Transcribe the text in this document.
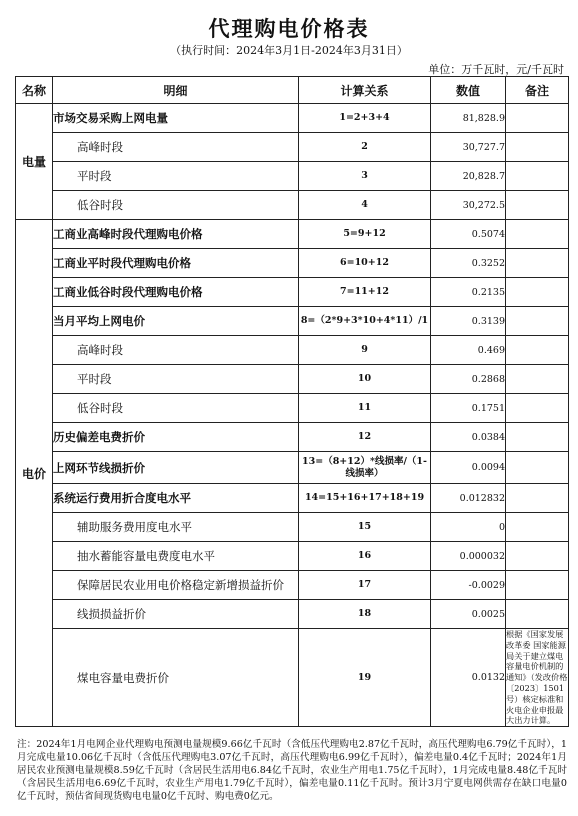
代理购电价格表
（执行时间：2024年3月1日-2024年3月31日）
单位：万千瓦时，元/千瓦时
名称	明细	计算关系	数值	备注
电量	市场交易采购上网电量	1=2+3+4	81,828.9	
	高峰时段	2	30,727.7	
	平时段	3	20,828.7	
	低谷时段	4	30,272.5	
电价	工商业高峰时段代理购电价格	5=9+12	0.5074	
	工商业平时段代理购电价格	6=10+12	0.3252	
	工商业低谷时段代理购电价格	7=11+12	0.2135	
	当月平均上网电价	8=（2*9+3*10+4*11）/1	0.3139	
	高峰时段	9	0.469	
	平时段	10	0.2868	
	低谷时段	11	0.1751	
	历史偏差电费折价	12	0.0384	
	上网环节线损折价	13=（8+12）*线损率/（1-线损率）	0.0094	
	系统运行费用折合度电水平	14=15+16+17+18+19	0.012832	
	辅助服务费用度电水平	15	0	
	抽水蓄能容量电费度电水平	16	0.000032	
	保障居民农业用电价格稳定新增损益折价	17	-0.0029	
	线损损益折价	18	0.0025	
	煤电容量电费折价	19	0.0132	根据《国家发展改革委 国家能源局关于建立煤电容量电价机制的通知》（发改价格〔2023〕1501号）核定标准和火电企业申报最大出力计算。
注：2024年1月电网企业代理购电预测电量规模9.66亿千瓦时（含低压代理购电2.87亿千瓦时，高压代理购电6.79亿千瓦时），1月完成电量10.06亿千瓦时（含低压代理购电3.07亿千瓦时，高压代理购电6.99亿千瓦时），偏差电量0.4亿千瓦时；2024年1月居民农业预测电量规模8.59亿千瓦时（含居民生活用电6.84亿千瓦时，农业生产用电1.75亿千瓦时），1月完成电量8.48亿千瓦时（含居民生活用电6.69亿千瓦时，农业生产用电1.79亿千瓦时），偏差电量0.11亿千瓦时。预计3月宁夏电网供需存在缺口电量0亿千瓦时，预估省间现货购电电量0亿千瓦时、购电费0亿元。
